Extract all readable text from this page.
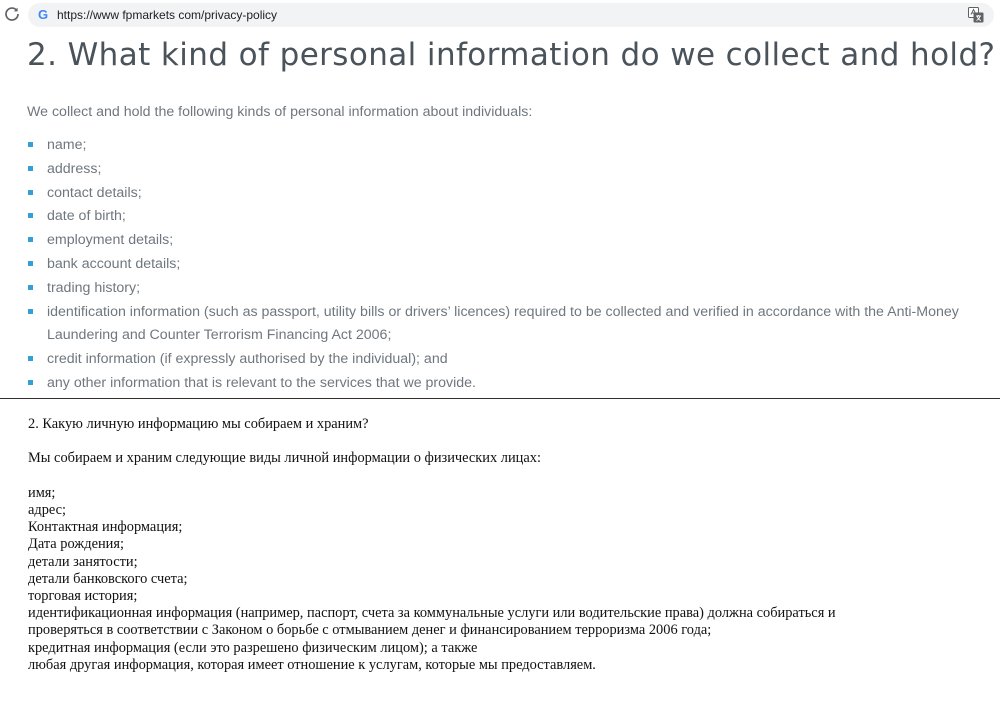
G https://www fpmarkets com/privacy-policy
2. What kind of personal information do we collect and hold?

We collect and hold the following kinds of personal information about individuals:

name;
address;
contact details;
date of birth;
employment details;
bank account details;
trading history;
identification information (such as passport, utility bills or drivers’ licences) required to be collected and verified in accordance with the Anti-Money Laundering and Counter Terrorism Financing Act 2006;
credit information (if expressly authorised by the individual); and
any other information that is relevant to the services that we provide.

2. Какую личную информацию мы собираем и храним?

Мы собираем и храним следующие виды личной информации о физических лицах:

имя;

адрес;

Контактная информация;

Дата рождения;

детали занятости;

детали банковского счета;

торговая история;

идентификационная информация (например, паспорт, счета за коммунальные услуги или водительские права) должна собираться и

проверяться в соответствии с Законом о борьбе с отмыванием денег и финансированием терроризма 2006 года;

кредитная информация (если это разрешено физическим лицом); а также

любая другая информация, которая имеет отношение к услугам, которые мы предоставляем.
